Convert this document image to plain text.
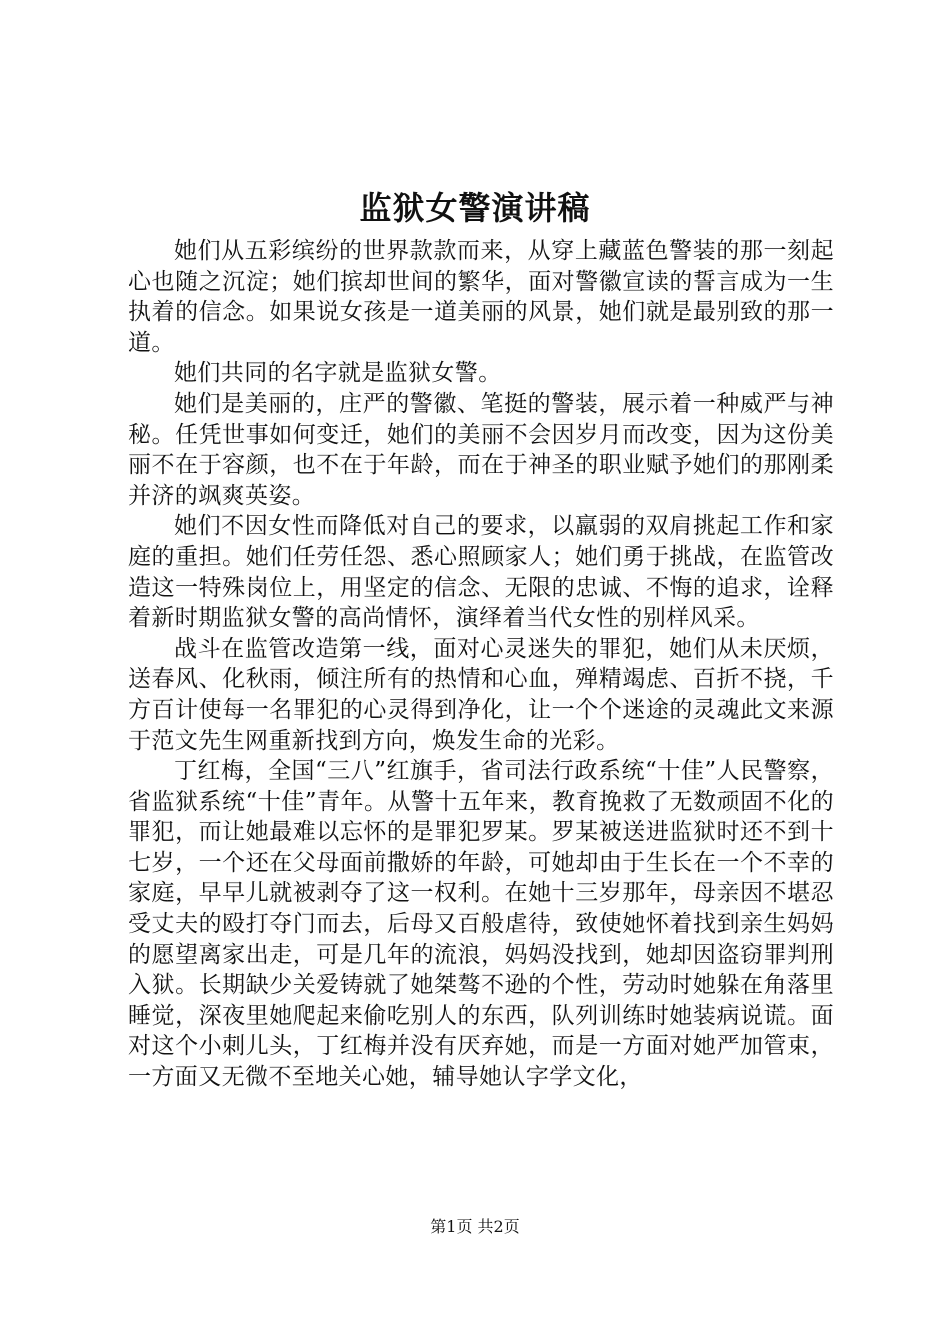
监狱女警演讲稿

她们从五彩缤纷的世界款款而来，从穿上藏蓝色警装的那一刻起心也随之沉淀；她们摈却世间的繁华，面对警徽宣读的誓言成为一生执着的信念。如果说女孩是一道美丽的风景，她们就是最别致的那一道。

她们共同的名字就是监狱女警。

她们是美丽的，庄严的警徽、笔挺的警装，展示着一种威严与神秘。任凭世事如何变迁，她们的美丽不会因岁月而改变，因为这份美丽不在于容颜，也不在于年龄，而在于神圣的职业赋予她们的那刚柔并济的飒爽英姿。

她们不因女性而降低对自己的要求，以羸弱的双肩挑起工作和家庭的重担。她们任劳任怨、悉心照顾家人；她们勇于挑战，在监管改造这一特殊岗位上，用坚定的信念、无限的忠诚、不悔的追求，诠释着新时期监狱女警的高尚情怀，演绎着当代女性的别样风采。

战斗在监管改造第一线，面对心灵迷失的罪犯，她们从未厌烦，送春风、化秋雨，倾注所有的热情和心血，殚精竭虑、百折不挠，千方百计使每一名罪犯的心灵得到净化，让一个个迷途的灵魂此文来源于范文先生网重新找到方向，焕发生命的光彩。

丁红梅，全国“三八”红旗手，省司法行政系统“十佳”人民警察，省监狱系统“十佳”青年。从警十五年来，教育挽救了无数顽固不化的罪犯，而让她最难以忘怀的是罪犯罗某。罗某被送进监狱时还不到十七岁，一个还在父母面前撒娇的年龄，可她却由于生长在一个不幸的家庭，早早儿就被剥夺了这一权利。在她十三岁那年，母亲因不堪忍受丈夫的殴打夺门而去，后母又百般虐待，致使她怀着找到亲生妈妈的愿望离家出走，可是几年的流浪，妈妈没找到，她却因盗窃罪判刑入狱。长期缺少关爱铸就了她桀骜不逊的个性，劳动时她躲在角落里睡觉，深夜里她爬起来偷吃别人的东西，队列训练时她装病说谎。面对这个小刺儿头，丁红梅并没有厌弃她，而是一方面对她严加管束，一方面又无微不至地关心她，辅导她认字学文化，

第1页 共2页
